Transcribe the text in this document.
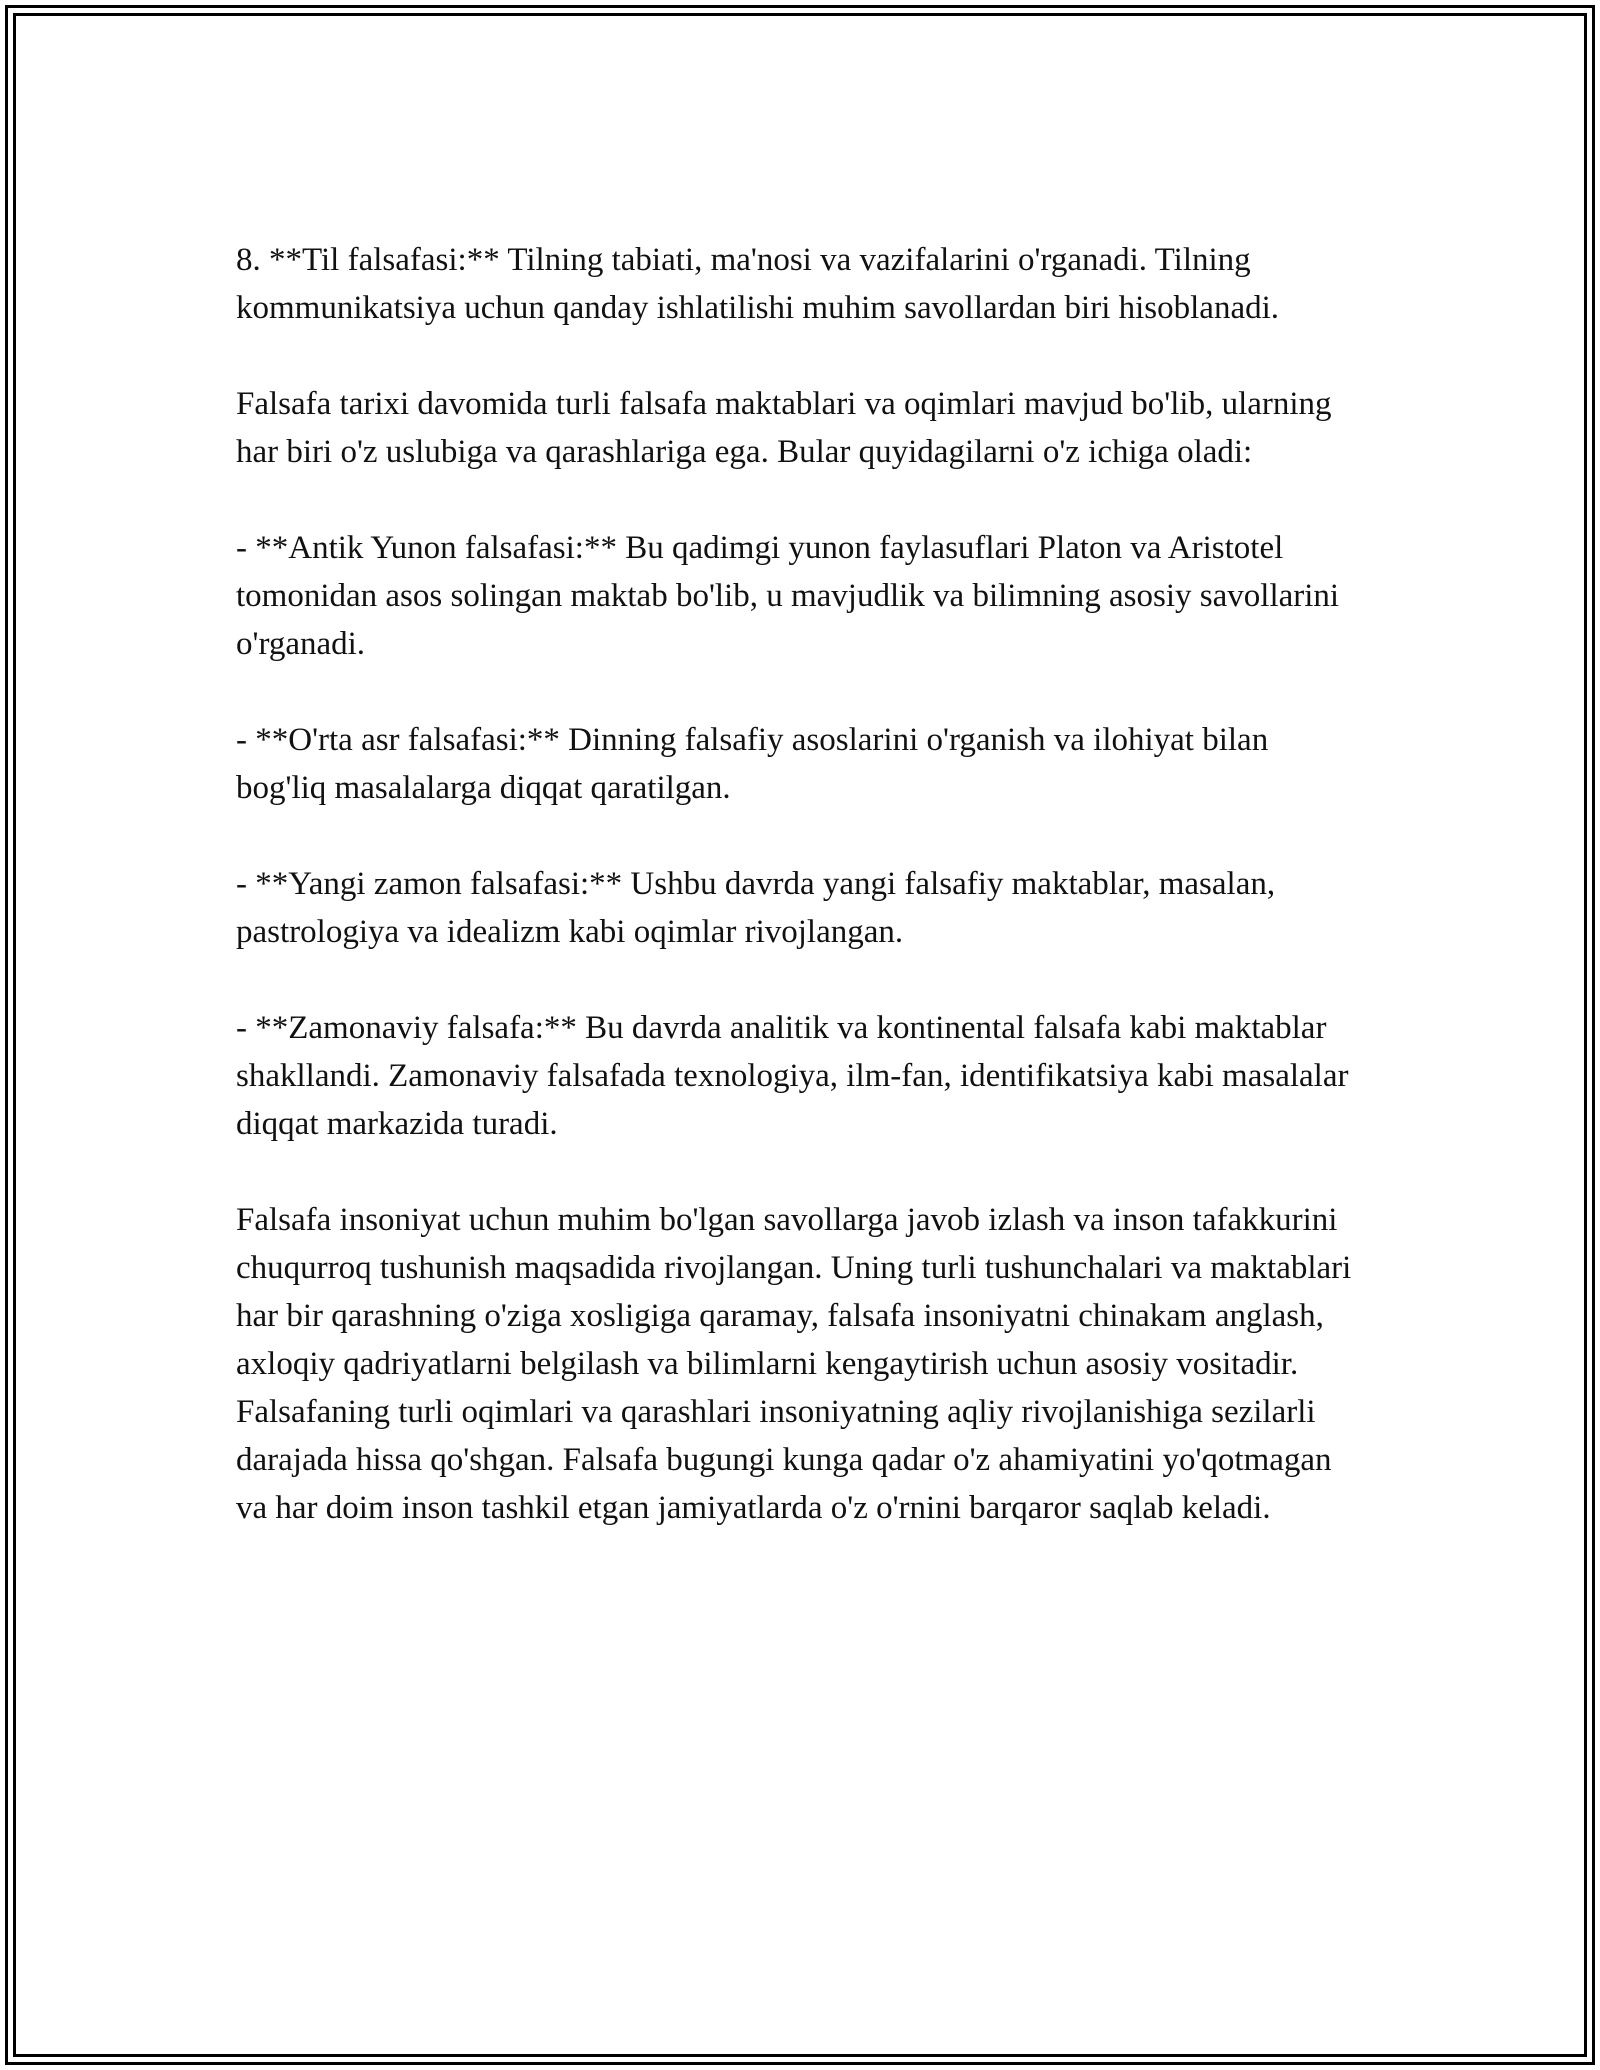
8. **Til falsafasi:** Tilning tabiati, ma'nosi va vazifalarini o'rganadi. Tilning kommunikatsiya uchun qanday ishlatilishi muhim savollardan biri hisoblanadi.

Falsafa tarixi davomida turli falsafa maktablari va oqimlari mavjud bo'lib, ularning har biri o'z uslubiga va qarashlariga ega. Bular quyidagilarni o'z ichiga oladi:

- **Antik Yunon falsafasi:** Bu qadimgi yunon faylasuflari Platon va Aristotel tomonidan asos solingan maktab bo'lib, u mavjudlik va bilimning asosiy savollarini o'rganadi.

- **O'rta asr falsafasi:** Dinning falsafiy asoslarini o'rganish va ilohiyat bilan bog'liq masalalarga diqqat qaratilgan.

- **Yangi zamon falsafasi:** Ushbu davrda yangi falsafiy maktablar, masalan, pastrologiya va idealizm kabi oqimlar rivojlangan.

- **Zamonaviy falsafa:** Bu davrda analitik va kontinental falsafa kabi maktablar shakllandi. Zamonaviy falsafada texnologiya, ilm-fan, identifikatsiya kabi masalalar diqqat markazida turadi.

Falsafa insoniyat uchun muhim bo'lgan savollarga javob izlash va inson tafakkurini chuqurroq tushunish maqsadida rivojlangan. Uning turli tushunchalari va maktablari har bir qarashning o'ziga xosligiga qaramay, falsafa insoniyatni chinakam anglash, axloqiy qadriyatlarni belgilash va bilimlarni kengaytirish uchun asosiy vositadir. Falsafaning turli oqimlari va qarashlari insoniyatning aqliy rivojlanishiga sezilarli darajada hissa qo'shgan. Falsafa bugungi kunga qadar o'z ahamiyatini yo'qotmagan va har doim inson tashkil etgan jamiyatlarda o'z o'rnini barqaror saqlab keladi.
